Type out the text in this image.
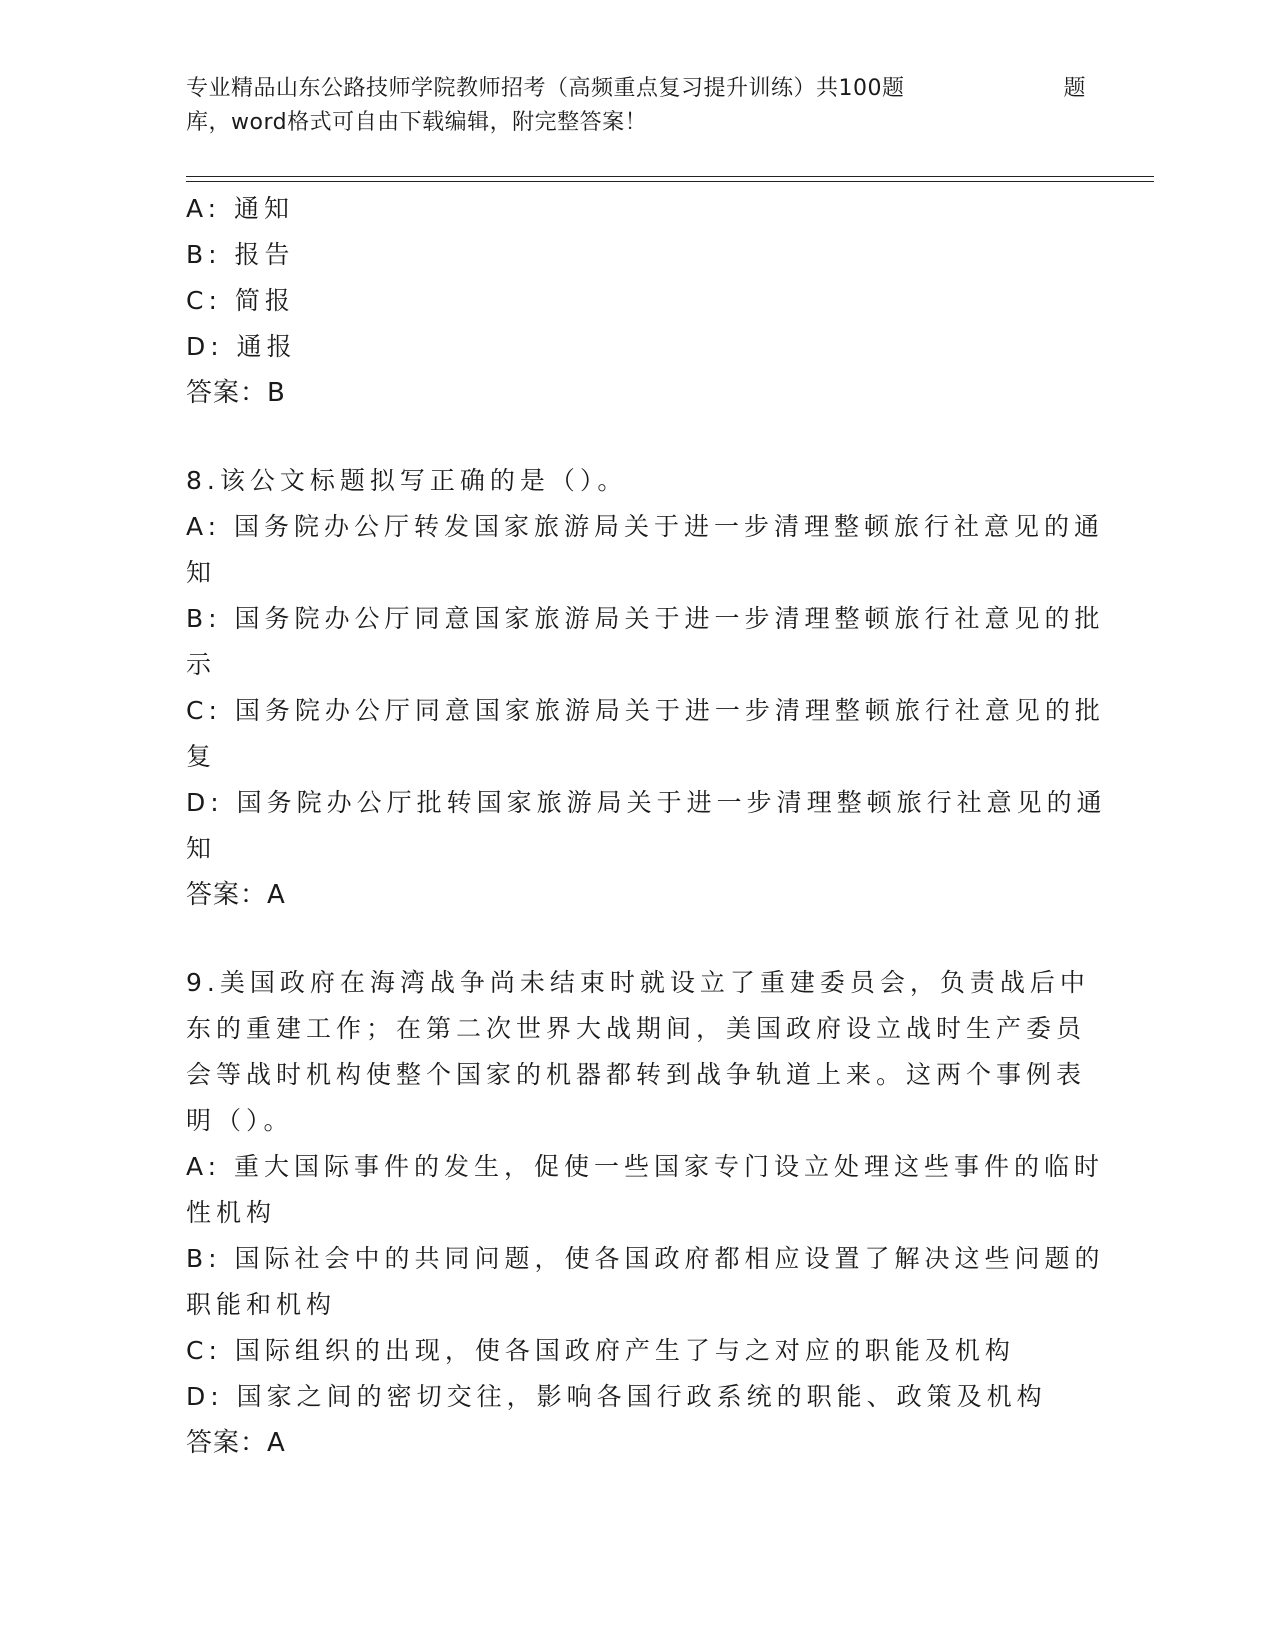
专业精品山东公路技师学院教师招考（高频重点复习提升训练）共100题	题
库，word格式可自由下载编辑，附完整答案！
A: 通知
B: 报告
C: 简报
D: 通报
答案：B
8.该公文标题拟写正确的是（）。
A: 国务院办公厅转发国家旅游局关于进一步清理整顿旅行社意见的通
知
B: 国务院办公厅同意国家旅游局关于进一步清理整顿旅行社意见的批
示
C: 国务院办公厅同意国家旅游局关于进一步清理整顿旅行社意见的批
复
D: 国务院办公厅批转国家旅游局关于进一步清理整顿旅行社意见的通
知
答案：A
9.美国政府在海湾战争尚未结束时就设立了重建委员会，负责战后中
东的重建工作；在第二次世界大战期间，美国政府设立战时生产委员
会等战时机构使整个国家的机器都转到战争轨道上来。这两个事例表
明（）。
A: 重大国际事件的发生，促使一些国家专门设立处理这些事件的临时
性机构
B: 国际社会中的共同问题，使各国政府都相应设置了解决这些问题的
职能和机构
C: 国际组织的出现，使各国政府产生了与之对应的职能及机构
D: 国家之间的密切交往，影响各国行政系统的职能、政策及机构
答案：A
